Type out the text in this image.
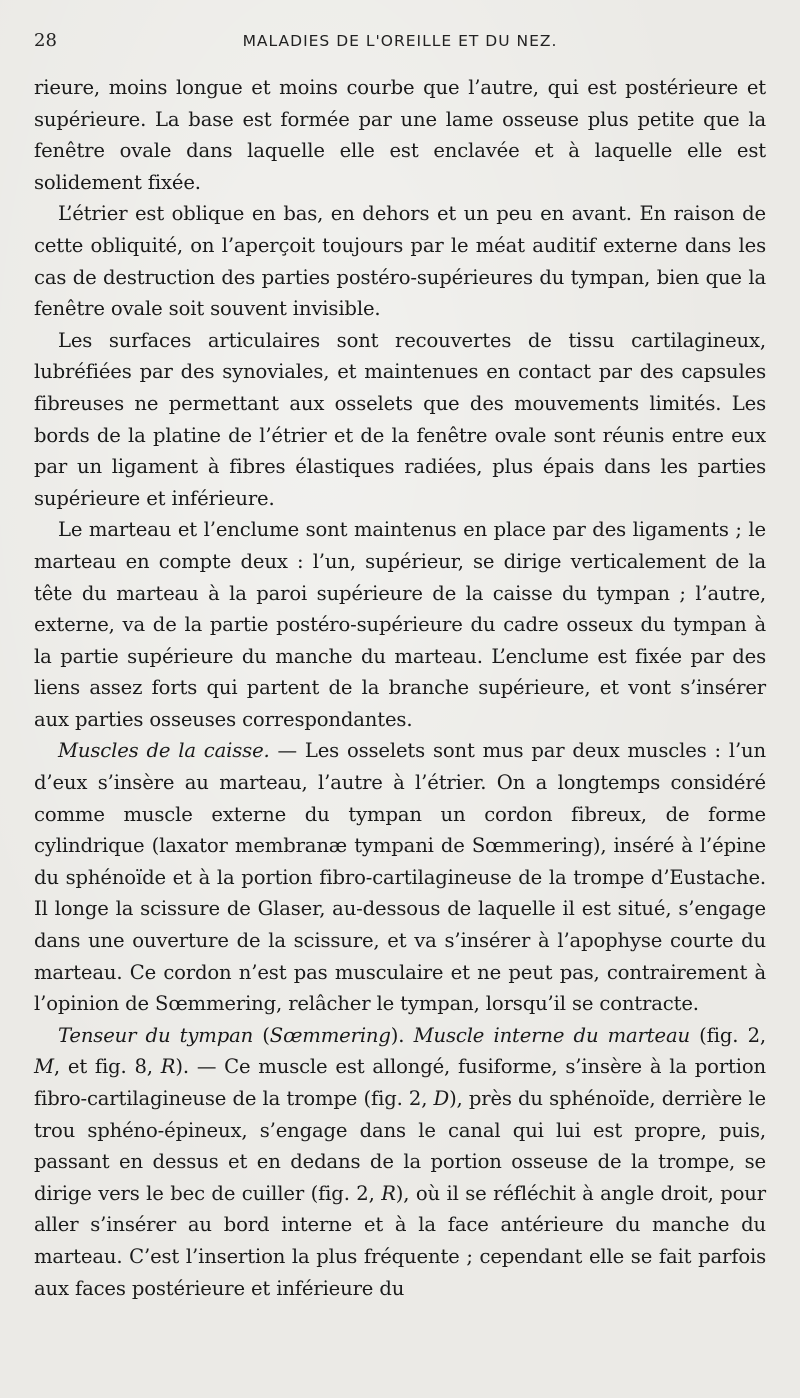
28	MALADIES DE L'OREILLE ET DU NEZ.

rieure, moins longue et moins courbe que l’autre, qui est postérieure et supérieure. La base est formée par une lame osseuse plus petite que la fenêtre ovale dans laquelle elle est enclavée et à laquelle elle est solidement fixée.

L’étrier est oblique en bas, en dehors et un peu en avant. En raison de cette obliquité, on l’aperçoit toujours par le méat auditif externe dans les cas de destruction des parties postéro-supérieures du tympan, bien que la fenêtre ovale soit souvent invisible.

Les surfaces articulaires sont recouvertes de tissu cartilagineux, lubréfiées par des synoviales, et maintenues en contact par des capsules fibreuses ne permettant aux osselets que des mouvements limités. Les bords de la platine de l’étrier et de la fenêtre ovale sont réunis entre eux par un ligament à fibres élastiques radiées, plus épais dans les parties supérieure et inférieure.

Le marteau et l’enclume sont maintenus en place par des ligaments ; le marteau en compte deux : l’un, supérieur, se dirige verticalement de la tête du marteau à la paroi supérieure de la caisse du tympan ; l’autre, externe, va de la partie postéro-supérieure du cadre osseux du tympan à la partie supérieure du manche du marteau. L’enclume est fixée par des liens assez forts qui partent de la branche supérieure, et vont s’insérer aux parties osseuses correspondantes.

Muscles de la caisse. — Les osselets sont mus par deux muscles : l’un d’eux s’insère au marteau, l’autre à l’étrier. On a longtemps considéré comme muscle externe du tympan un cordon fibreux, de forme cylindrique (laxator membranæ tympani de Sœmmering), inséré à l’épine du sphénoïde et à la portion fibro-cartilagineuse de la trompe d’Eustache. Il longe la scissure de Glaser, au-dessous de laquelle il est situé, s’engage dans une ouverture de la scissure, et va s’insérer à l’apophyse courte du marteau. Ce cordon n’est pas musculaire et ne peut pas, contrairement à l’opinion de Sœmmering, relâcher le tympan, lorsqu’il se contracte.

Tenseur du tympan (Sœmmering). Muscle interne du marteau (fig. 2, M, et fig. 8, R). — Ce muscle est allongé, fusiforme, s’insère à la portion fibro-cartilagineuse de la trompe (fig. 2, D), près du sphénoïde, derrière le trou sphéno-épineux, s’engage dans le canal qui lui est propre, puis, passant en dessus et en dedans de la portion osseuse de la trompe, se dirige vers le bec de cuiller (fig. 2, R), où il se réfléchit à angle droit, pour aller s’insérer au bord interne et à la face antérieure du manche du marteau. C’est l’insertion la plus fréquente ; cependant elle se fait parfois aux faces postérieure et inférieure du
